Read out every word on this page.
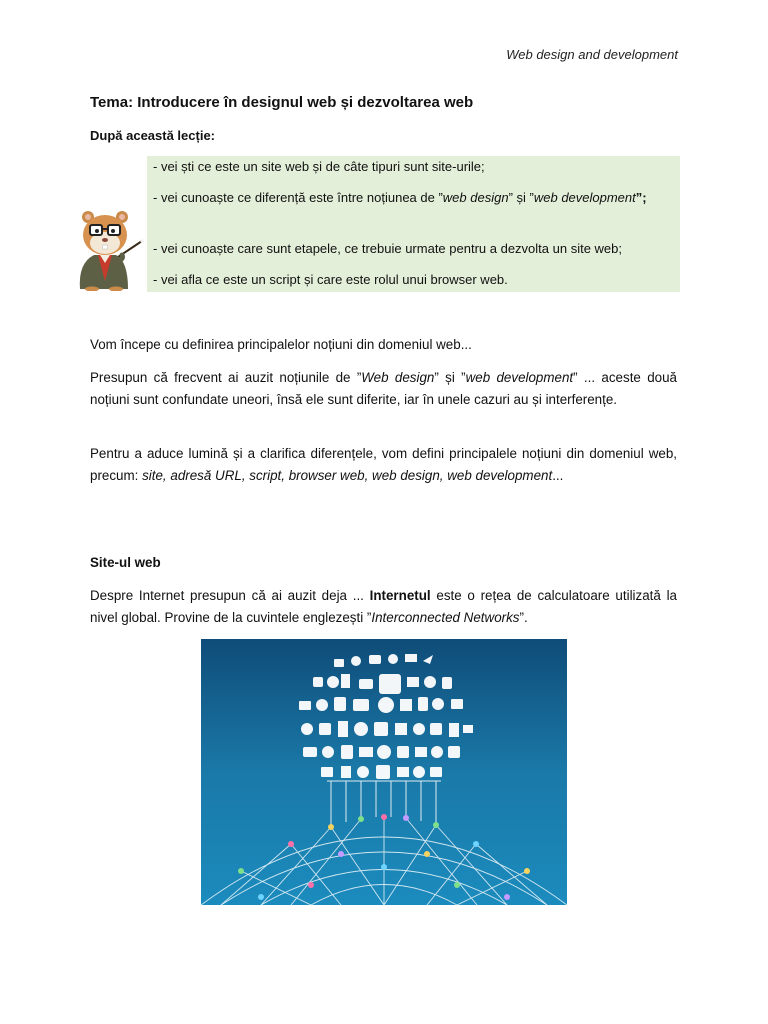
Web design and development
Tema: Introducere în designul web și dezvoltarea web
După această lecție:
- vei ști ce este un site web și de câte tipuri sunt site-urile;
- vei cunoaște ce diferență este între noțiunea de ”web design” și ”web development”;
- vei cunoaște care sunt etapele, ce trebuie urmate pentru a dezvolta un site web;
- vei afla ce este un script și care este rolul unui browser web.
Vom începe cu definirea principalelor noțiuni din domeniul web...
Presupun că frecvent ai auzit noțiunile de ”Web design” și ”web development” ... aceste două noțiuni sunt confundate uneori, însă ele sunt diferite, iar în unele cazuri au și interferențe.
Pentru a aduce lumină și a clarifica diferențele, vom defini principalele noțiuni din domeniul web, precum: site, adresă URL, script, browser web, web design, web development...
Site-ul web
Despre Internet presupun că ai auzit deja ... Internetul este o rețea de calculatoare utilizată la nivel global. Provine de la cuvintele englezești ”Interconnected Networks”.
